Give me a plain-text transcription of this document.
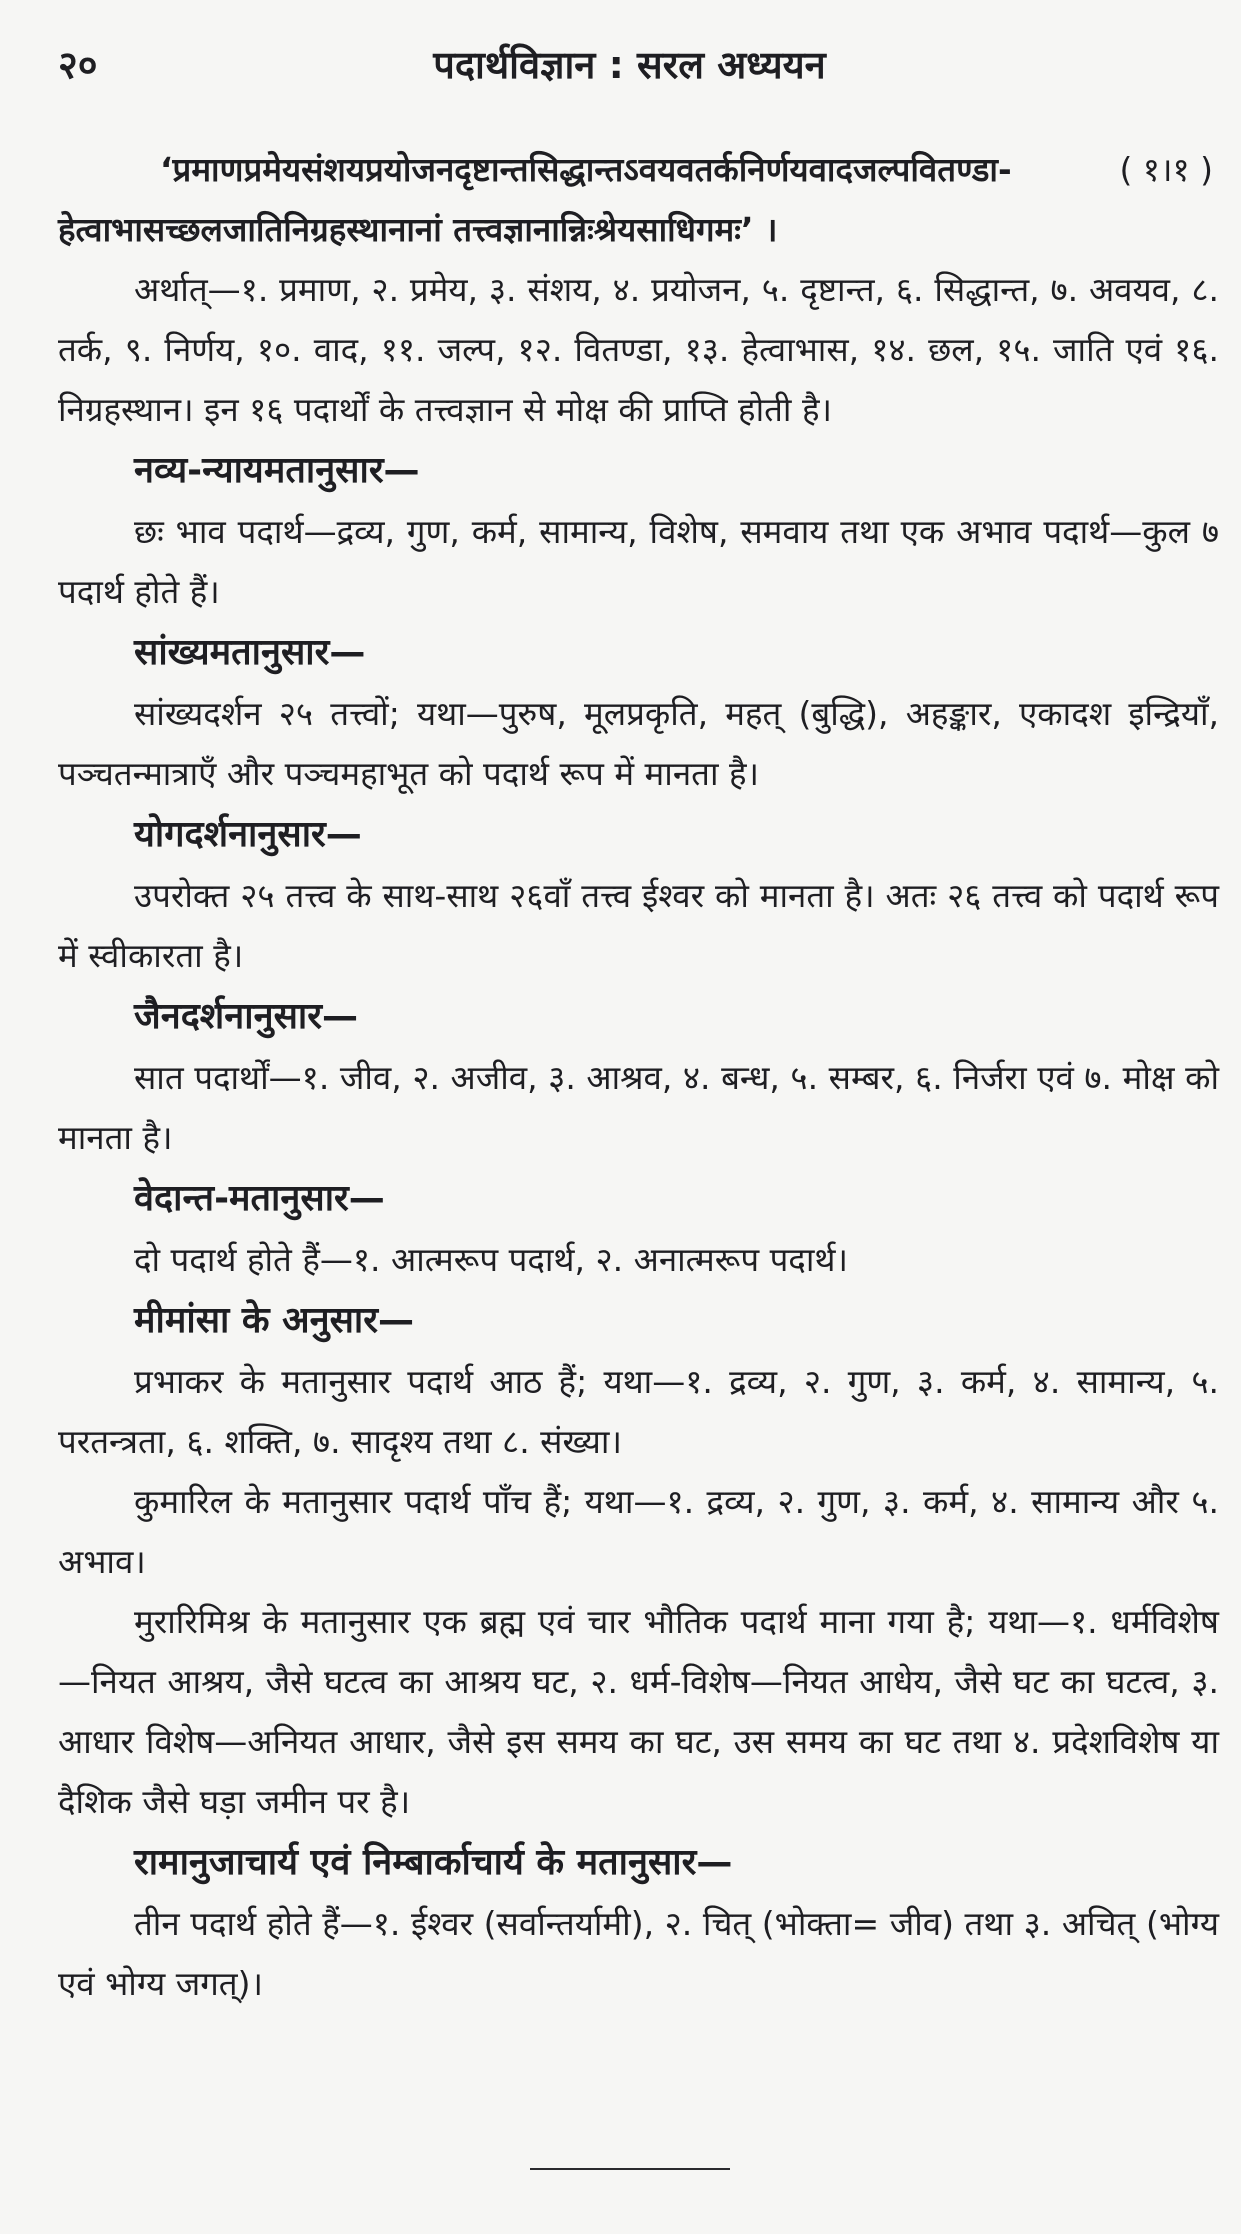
२०	पदार्थविज्ञान : सरल अध्ययन

( १।१ )
‘प्रमाणप्रमेयसंशयप्रयोजनदृष्टान्तसिद्धान्तऽवयवतर्कनिर्णयवादजल्पवितण्डा-हेत्वाभासच्छलजातिनिग्रहस्थानानां तत्त्वज्ञानान्निःश्रेयसाधिगमः’ ।

अर्थात्—१. प्रमाण, २. प्रमेय, ३. संशय, ४. प्रयोजन, ५. दृष्टान्त, ६. सिद्धान्त, ७. अवयव, ८. तर्क, ९. निर्णय, १०. वाद, ११. जल्प, १२. वितण्डा, १३. हेत्वाभास, १४. छल, १५. जाति एवं १६. निग्रहस्थान। इन १६ पदार्थों के तत्त्वज्ञान से मोक्ष की प्राप्ति होती है।

नव्य-न्यायमतानुसार—

छः भाव पदार्थ—द्रव्य, गुण, कर्म, सामान्य, विशेष, समवाय तथा एक अभाव पदार्थ—कुल ७ पदार्थ होते हैं।

सांख्यमतानुसार—

सांख्यदर्शन २५ तत्त्वों; यथा—पुरुष, मूलप्रकृति, महत् (बुद्धि), अहङ्कार, एकादश इन्द्रियाँ, पञ्चतन्मात्राएँ और पञ्चमहाभूत को पदार्थ रूप में मानता है।

योगदर्शनानुसार—

उपरोक्त २५ तत्त्व के साथ-साथ २६वाँ तत्त्व ईश्वर को मानता है। अतः २६ तत्त्व को पदार्थ रूप में स्वीकारता है।

जैनदर्शनानुसार—

सात पदार्थों—१. जीव, २. अजीव, ३. आश्रव, ४. बन्ध, ५. सम्बर, ६. निर्जरा एवं ७. मोक्ष को मानता है।

वेदान्त-मतानुसार—

दो पदार्थ होते हैं—१. आत्मरूप पदार्थ, २. अनात्मरूप पदार्थ।

मीमांसा के अनुसार—

प्रभाकर के मतानुसार पदार्थ आठ हैं; यथा—१. द्रव्य, २. गुण, ३. कर्म, ४. सामान्य, ५. परतन्त्रता, ६. शक्ति, ७. सादृश्य तथा ८. संख्या।

कुमारिल के मतानुसार पदार्थ पाँच हैं; यथा—१. द्रव्य, २. गुण, ३. कर्म, ४. सामान्य और ५. अभाव।

मुरारिमिश्र के मतानुसार एक ब्रह्म एवं चार भौतिक पदार्थ माना गया है; यथा—१. धर्मविशेष—नियत आश्रय, जैसे घटत्व का आश्रय घट, २. धर्म-विशेष—नियत आधेय, जैसे घट का घटत्व, ३. आधार विशेष—अनियत आधार, जैसे इस समय का घट, उस समय का घट तथा ४. प्रदेशविशेष या दैशिक जैसे घड़ा जमीन पर है।

रामानुजाचार्य एवं निम्बार्काचार्य के मतानुसार—

तीन पदार्थ होते हैं—१. ईश्वर (सर्वान्तर्यामी), २. चित् (भोक्ता= जीव) तथा ३. अचित् (भोग्य एवं भोग्य जगत्)।
